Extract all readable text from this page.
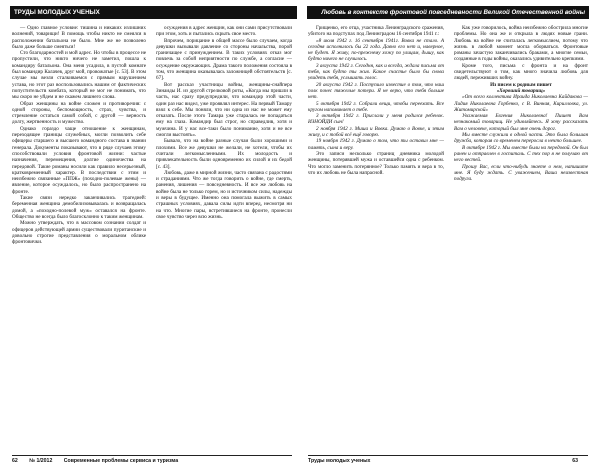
ТРУДЫ МОЛОДЫХ УЧЕНЫХ

— Одно главное условие: тишина и никаких излишних волнений, товарищи! В помощь чтобы никто не смеялся в расположении батальона не было. Мне же не позволено было даже больше смеяться!

Сто благодарностей и мой адрес. Но чтобы в процессе не пропустили, что никто ничего не заметил, пошла к командиру батальона. Она меня усадила, в пустой комнате был командир Калачев, друг мой, провожатые [с. 53]. В этом случае мы везли сталкиваемся с прямым нарушением устава, но этот раз воспользовались нашим от фактических попустительств комбата, который не мог не понимать, что мы скоро не уйдем и не скажем лишнего слова.

Образ женщины на войне сложен и противоречив: с одной стороны, беспомощность, страх, чувства, и стремление остаться самой собой, с другой — верность долгу, жертвенность и мужество.

Однако гораздо чаще отношение к женщинам, переходящее границы служебных, могли позволить себе офицеры старшего и высшего командного состава в звании генерала. Документы показывают, что в ряде случаев этому способствовали условия фронтовой жизни: частые назначения, перемещения, долгие одиночества на передовой. Такие романы носили как правило несерьезный, кратковременный характер. В последствии с этим и неизбежно связанные «ППЖ» (походно-полевые жены) — явление, которое осуждалось, но было распространено на фронте.

Такие связи нередко заканчивались трагедией: беременная женщина демобилизовывалась и возвращалась домой, а «походно-полевой муж» оставался на фронте. Общество не всегда было благосклонно к таким женщинам.

Можно утверждать, что в массовом сознании солдат и офицеров действующей армии существовали пуританские и довольно строгие представления о моральном облике фронтовички.

осуждения в адрес женщин, как они сами присутствовали при этом, хоть и пытались скрыть свое место.

Впрочем, порицание в общей массе было случаем, когда девушки вызывали давление со стороны начальства, порой граничащее с принуждением. В таких условиях отказ мог повлечь за собой неприятности по службе, а согласие — осуждение окружающих. Драма такого положения состояла в том, что женщина оказывалась заложницей обстоятельств [с. 67].

Вот рассказ участницы войны, женщины-снайпера Зинаиды И. из другой стрелковой роты, «Когда мы пришли в часть, нас сразу предупредили, что командир этой части, один раз нас видел, уже проявлял интерес. На первый Тамару взял к себе. Мы поняли, что ни одна из нас не может ему отказать. После этого Тамара уже старалась не попадаться ему на глаза. Командир был строг, но справедлив, хотя и мужчина. И у нас все-таки было понимание, хотя и не все смогли выстоять».

Бывало, что на войне разные случаи были хорошими и плохими. Все же девушки не желали, не хотели, чтобы их считали легкомысленными. Их молодость и привлекательность были одновременно их силой и их бедой [с. 43].

Любовь, даже в мирной жизни, часто связана с радостями и страданиями. Что же тогда говорить о войне, где смерть, ранения, лишения — повседневность. И все же любовь на войне была не только горем, но и источником силы, надежды и веры в будущее. Именно она помогала выжить в самых страшных условиях, давала силы идти вперед, несмотря ни на что. Многие пары, встретившиеся на фронте, пронесли свое чувство через всю жизнь.

62 № 1/2012 Современные проблемы сервиса и туризма
Любовь в контексте фронтовой повседневности Великой Отечественной войны

Грищенко, его отца, участника Ленинградского сражения, убитого на подступах под Ленинградом 16 сентября 1941 г.:

«8 июля 1942 г. 16 сентября 1941г. Вовка не стало. А сегодня исполнилось бы 22 года. Давно его нет и, наверное, не будет. Я живу, по-прежнему хожу по улицам, дышу, как будто ничего не случилось.

3 августа 1942 г. Сегодня, как и всегда, ждала письма от тебя, как будто ты жив. Какое счастье было бы снова увидеть тебя, услышать голос.

20 августа 1942 г. Поступило известие о том, что наш полк понес тяжелые потери. Я не верю, что тебя больше нет.

5 октября 1942 г. Собрали вещи, чтобы переехать. Все кругом напоминает о тебе.

3 октября 1942 г. Прислали у меня родился ребенок. ИЗНОЙДИ сын!

2 ноября 1942 г. Миша и Вовка. Думаю о Вовке, и этим живу, и с тобой всё ещё говорю.

19 ноября 1942 г. Думаю о том, что ты оставил мне — память, сына и веру.

Это записи несколько страниц дневника молодой женщины, потерявшей мужа и оставшейся одна с ребенком. Что могло заменить потерянное? Только память и вера в то, что их любовь не была напрасной.

Как уже говорилось, война неизбежно обострила многие проблемы. Но она же и открыла в людях новые грани. Любовь на войне не считалась легкомыслием, потому что жизнь в любой момент могла оборваться. Фронтовые романы зачастую заканчивались браками, а многие семьи, созданные в годы войны, оказались удивительно крепкими.

Кроме того, письма с фронта и на фронт свидетельствуют о том, как много значила любовь для людей, переживших войну.

Из писем к родным пишет

«Хороший товарищ»

«От всего коллектива Ираида Николаевна Кайдакова — Лидия Николаевна Горбенко, с В. Винная, Кирилловка, ул. Житомирской»

Уважаемая Евгения Николаевна! Пишет Вам незнакомый товарищ. Не удивляйтесь. Я хочу рассказать Вам о человеке, который был мне очень дорог.

Мы вместе служили в одной части. Это была большая дружба, которая со временем переросла в нечто большее.

В октябре 1942 г. Мы вместе были на передовой. Он был ранен и отправлен в госпиталь. С тех пор я не получаю от него вестей.

Прошу Вас, если что-нибудь знаете о нем, напишите мне. Я буду ждать. С уважением, Ваша неизвестная подруга.

Труды молодых ученых	63
